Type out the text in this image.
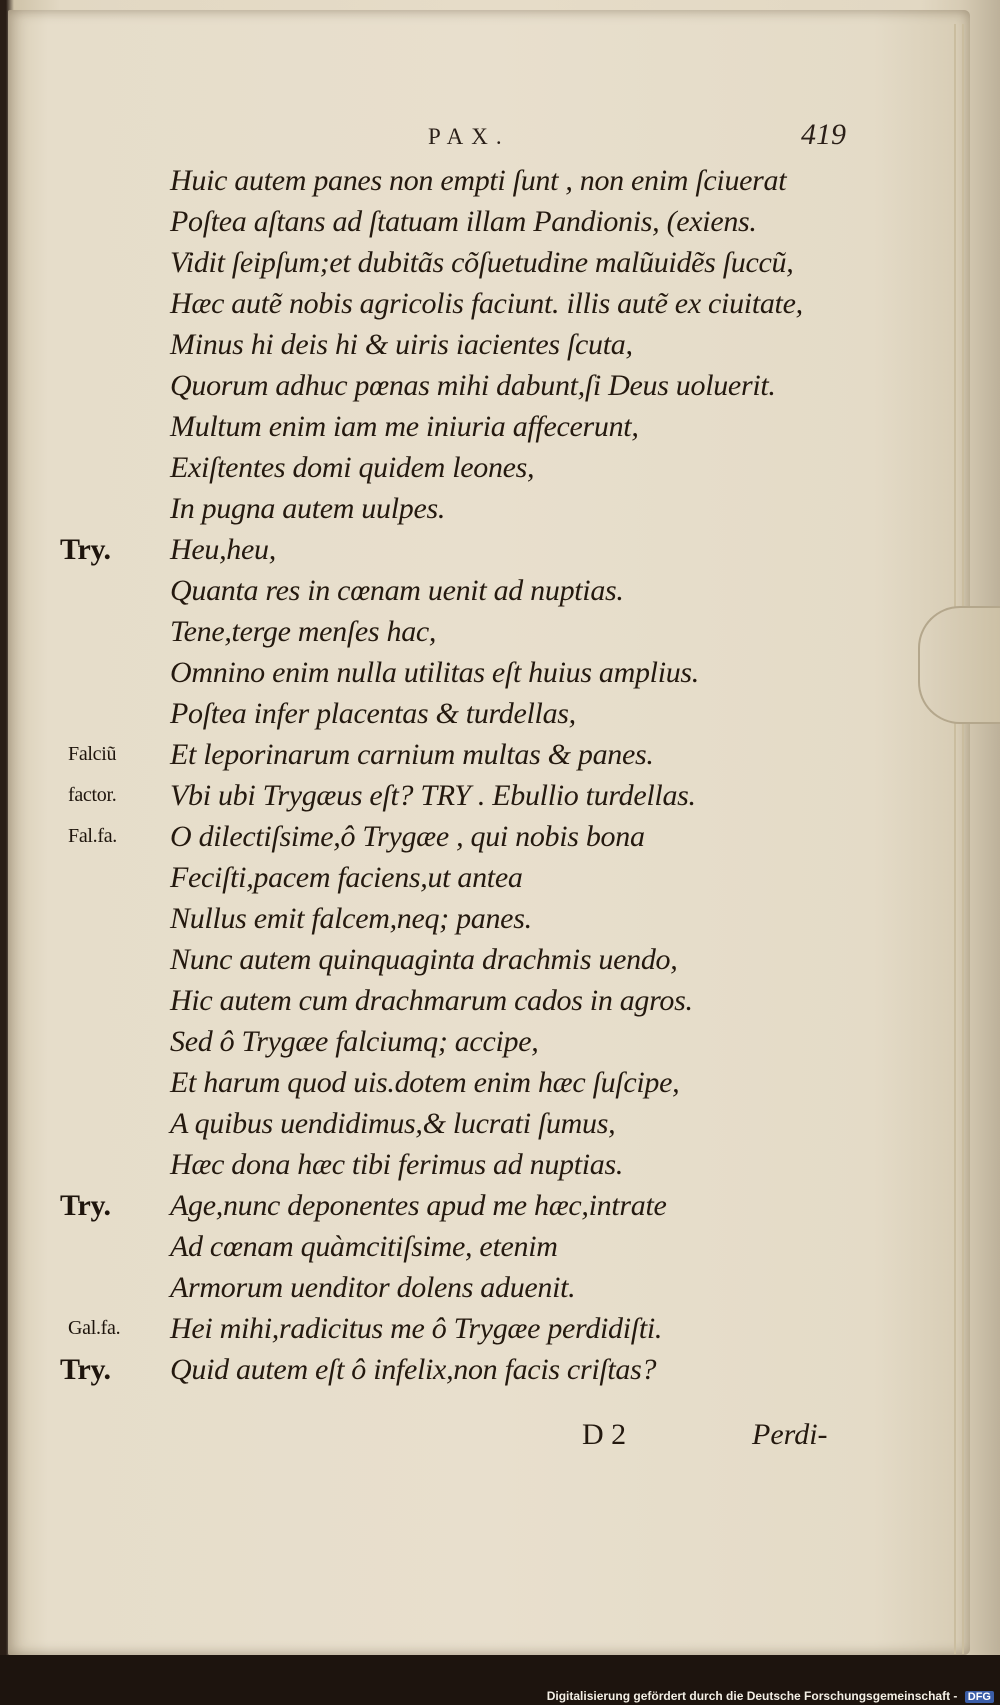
PAX.	419
Huic autem panes non empti ſunt , non enim ſciuerat
Poſtea aſtans ad ſtatuam illam Pandionis, (exiens.
Vidit ſeipſum;et dubitãs cõſuetudine malũuidẽs ſuccũ,
Hæc autẽ nobis agricolis faciunt. illis autẽ ex ciuitate,
Minus hi deis hi & uiris iacientes ſcuta,
Quorum adhuc pœnas mihi dabunt,ſi Deus uoluerit.
Multum enim iam me iniuria affecerunt,
Exiſtentes domi quidem leones,
In pugna autem uulpes.
Try. Heu,heu,
Quanta res in cœnam uenit ad nuptias.
Tene,terge menſes hac,
Omnino enim nulla utilitas eſt huius amplius.
Poſtea infer placentas & turdellas,
Falciũ Et leporinarum carnium multas & panes.
factor. Vbi ubi Trygæus eſt? TRY . Ebullio turdellas.
Fal.fa. O dilectiſsime,ô Trygæe , qui nobis bona
Feciſti,pacem faciens,ut antea
Nullus emit falcem,neq; panes.
Nunc autem quinquaginta drachmis uendo,
Hic autem cum drachmarum cados in agros.
Sed ô Trygæe falciumq; accipe,
Et harum quod uis.dotem enim hæc ſuſcipe,
A quibus uendidimus,& lucrati ſumus,
Hæc dona hæc tibi ferimus ad nuptias.
Try. Age,nunc deponentes apud me hæc,intrate
Ad cœnam quàmcitiſsime, etenim
Armorum uenditor dolens aduenit.
Gal.fa. Hei mihi,radicitus me ô Trygæe perdidiſti.
Try. Quid autem eſt ô infelix,non facis criſtas?
D 2	Perdi-
Digitalisierung gefördert durch die Deutsche Forschungsgemeinschaft - DFG
